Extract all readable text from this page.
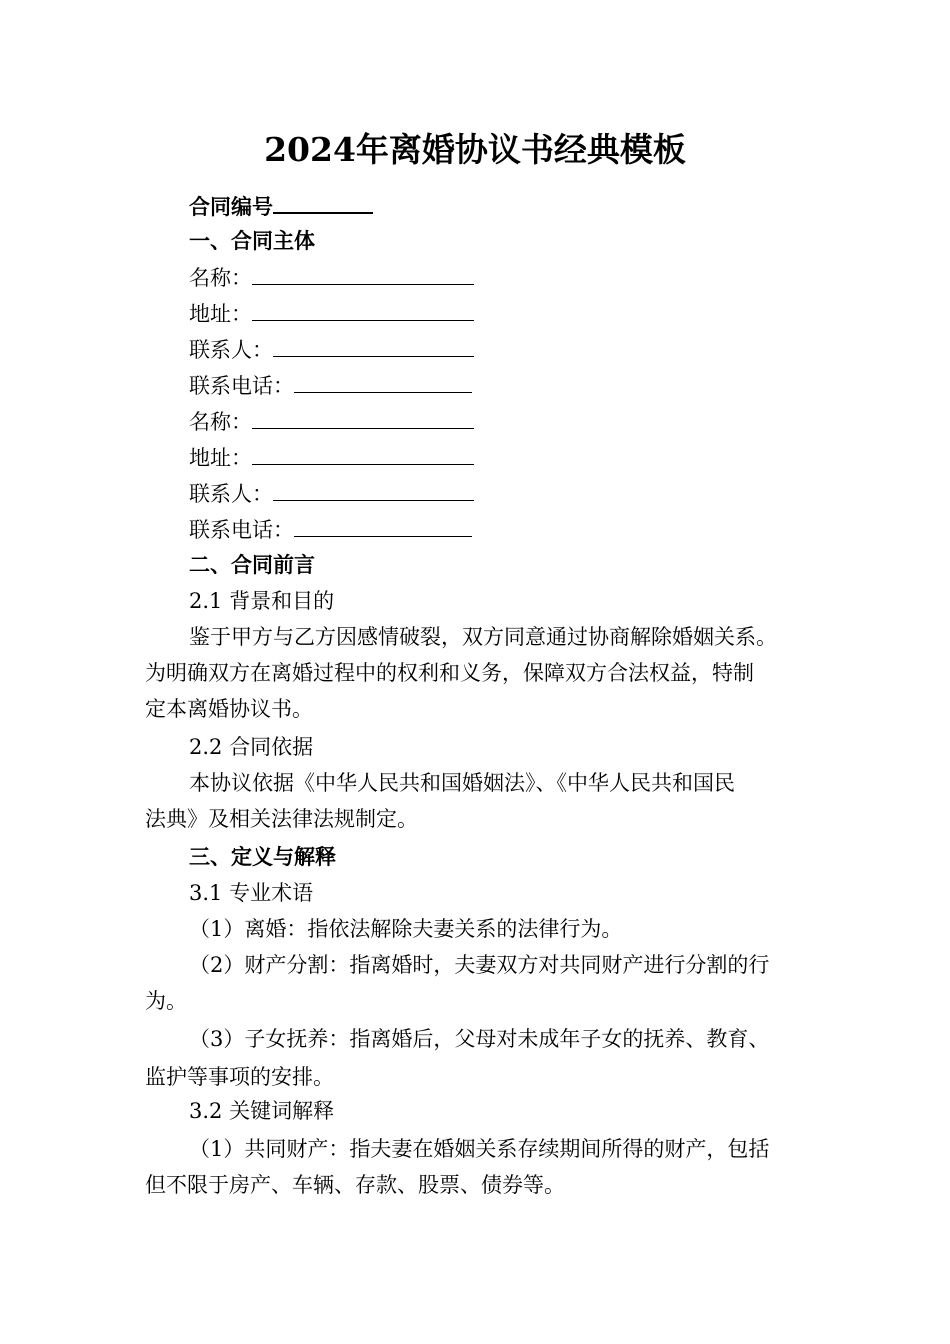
2024年离婚协议书经典模板
合同编号
一、合同主体
名称：
地址：
联系人：
联系电话：
名称：
地址：
联系人：
联系电话：
二、合同前言
2.1 背景和目的
鉴于甲方与乙方因感情破裂，双方同意通过协商解除婚姻关系。
为明确双方在离婚过程中的权利和义务，保障双方合法权益，特制
定本离婚协议书。
2.2 合同依据
本协议依据《中华人民共和国婚姻法》、《中华人民共和国民
法典》及相关法律法规制定。
三、定义与解释
3.1 专业术语
（1）离婚：指依法解除夫妻关系的法律行为。
（2）财产分割：指离婚时，夫妻双方对共同财产进行分割的行
为。
（3）子女抚养：指离婚后，父母对未成年子女的抚养、教育、
监护等事项的安排。
3.2 关键词解释
（1）共同财产：指夫妻在婚姻关系存续期间所得的财产，包括
但不限于房产、车辆、存款、股票、债券等。
